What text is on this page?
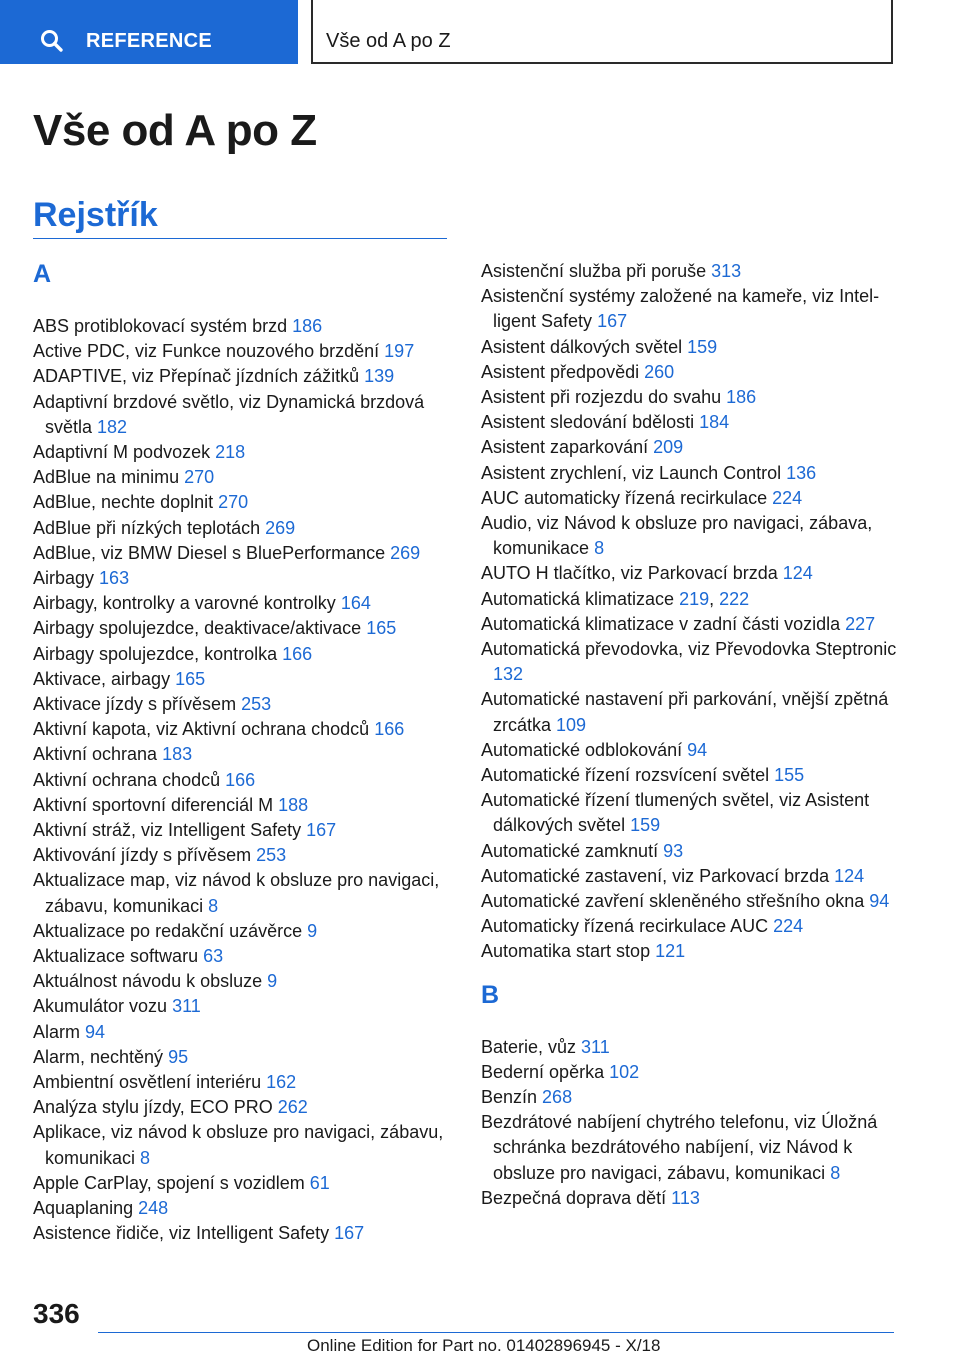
REFERENCE	Vše od A po Z
Vše od A po Z
Rejstřík
A
ABS protiblokovací systém brzd 186
Active PDC, viz Funkce nouzového brzdění 197
ADAPTIVE, viz Přepínač jízdních zážitků 139
Adaptivní brzdové světlo, viz Dynamická brzdová světla 182
Adaptivní M podvozek 218
AdBlue na minimu 270
AdBlue, nechte doplnit 270
AdBlue při nízkých teplotách 269
AdBlue, viz BMW Diesel s BluePerformance 269
Airbagy 163
Airbagy, kontrolky a varovné kontrolky 164
Airbagy spolujezdce, deaktivace/aktivace 165
Airbagy spolujezdce, kontrolka 166
Aktivace, airbagy 165
Aktivace jízdy s přívěsem 253
Aktivní kapota, viz Aktivní ochrana chodců 166
Aktivní ochrana 183
Aktivní ochrana chodců 166
Aktivní sportovní diferenciál M 188
Aktivní stráž, viz Intelligent Safety 167
Aktivování jízdy s přívěsem 253
Aktualizace map, viz návod k obsluze pro navigaci, zábavu, komunikaci 8
Aktualizace po redakční uzávěrce 9
Aktualizace softwaru 63
Aktuálnost návodu k obsluze 9
Akumulátor vozu 311
Alarm 94
Alarm, nechtěný 95
Ambientní osvětlení interiéru 162
Analýza stylu jízdy, ECO PRO 262
Aplikace, viz návod k obsluze pro navigaci, zábavu, komunikaci 8
Apple CarPlay, spojení s vozidlem 61
Aquaplaning 248
Asistence řidiče, viz Intelligent Safety 167
B
Asistenční služba při poruše 313
Asistenční systémy založené na kameře, viz Intelligent Safety 167
Asistent dálkových světel 159
Asistent předpovědi 260
Asistent při rozjezdu do svahu 186
Asistent sledování bdělosti 184
Asistent zaparkování 209
Asistent zrychlení, viz Launch Control 136
AUC automaticky řízená recirkulace 224
Audio, viz Návod k obsluze pro navigaci, zábava, komunikace 8
AUTO H tlačítko, viz Parkovací brzda 124
Automatická klimatizace 219, 222
Automatická klimatizace v zadní části vozidla 227
Automatická převodovka, viz Převodovka Steptronic 132
Automatické nastavení při parkování, vnější zpětná zrcátka 109
Automatické odblokování 94
Automatické řízení rozsvícení světel 155
Automatické řízení tlumených světel, viz Asistent dálkových světel 159
Automatické zamknutí 93
Automatické zastavení, viz Parkovací brzda 124
Automatické zavření skleněného střešního okna 94
Automaticky řízená recirkulace AUC 224
Automatika start stop 121
Baterie, vůz 311
Bederní opěrka 102
Benzín 268
Bezdrátové nabíjení chytrého telefonu, viz Úložná schránka bezdrátového nabíjení, viz Návod k obsluze pro navigaci, zábavu, komunikaci 8
Bezpečná doprava dětí 113
336
Online Edition for Part no. 01402896945 - X/18
